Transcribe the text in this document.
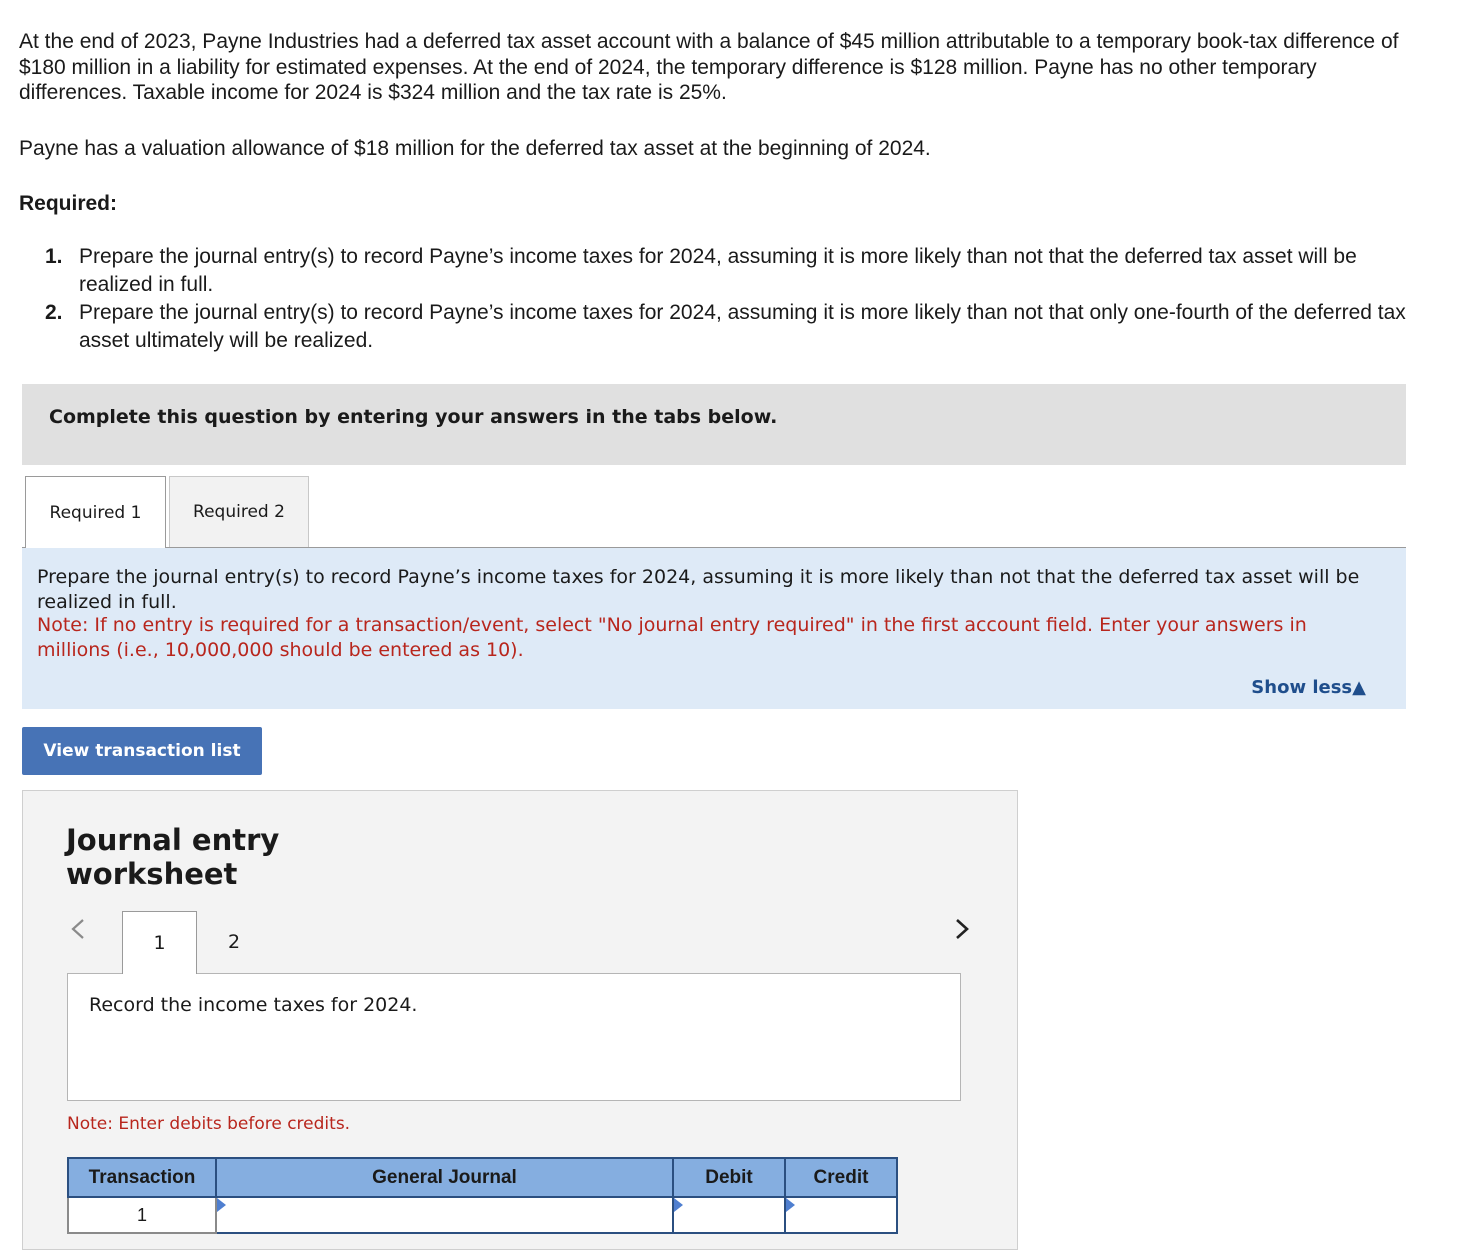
At the end of 2023, Payne Industries had a deferred tax asset account with a balance of $45 million attributable to a temporary book-tax difference of $180 million in a liability for estimated expenses. At the end of 2024, the temporary difference is $128 million. Payne has no other temporary differences. Taxable income for 2024 is $324 million and the tax rate is 25%.

Payne has a valuation allowance of $18 million for the deferred tax asset at the beginning of 2024.

Required:
1. Prepare the journal entry(s) to record Payne’s income taxes for 2024, assuming it is more likely than not that the deferred tax asset will be realized in full.
2. Prepare the journal entry(s) to record Payne’s income taxes for 2024, assuming it is more likely than not that only one-fourth of the deferred tax asset ultimately will be realized.
Complete this question by entering your answers in the tabs below.
Required 1	Required 2
Prepare the journal entry(s) to record Payne’s income taxes for 2024, assuming it is more likely than not that the deferred tax asset will be realized in full.
Note: If no entry is required for a transaction/event, select "No journal entry required" in the first account field. Enter your answers in millions (i.e., 10,000,000 should be entered as 10).
Show less▲
View transaction list
Journal entry
worksheet
1	2
Record the income taxes for 2024.
Note: Enter debits before credits.
Transaction	General Journal	Debit	Credit
1	
